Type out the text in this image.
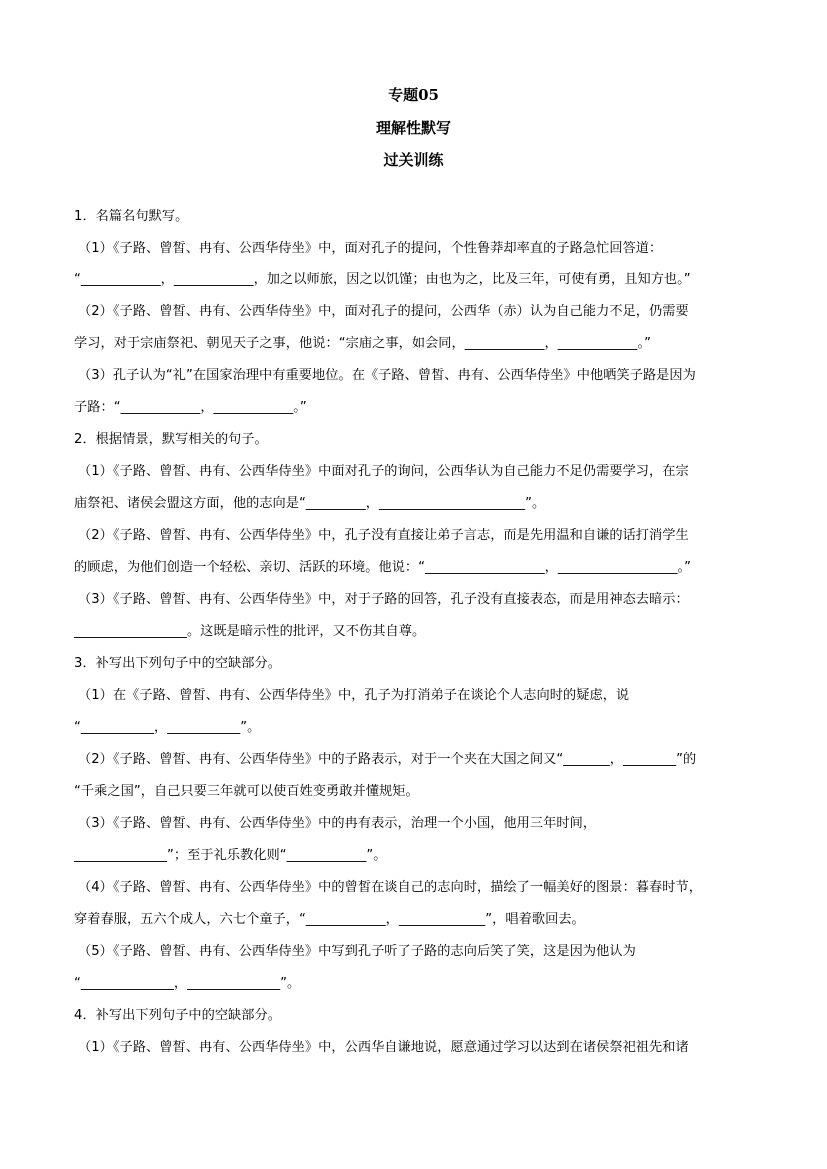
专题05
理解性默写
过关训练
1．名篇名句默写。
（1）《子路、曾皙、冉有、公西华侍坐》中，面对孔子的提问，个性鲁莽却率直的子路急忙回答道：
“____________，____________，加之以师旅，因之以饥馑；由也为之，比及三年，可使有勇，且知方也。”
（2）《子路、曾皙、冉有、公西华侍坐》中，面对孔子的提问，公西华（赤）认为自己能力不足，仍需要
学习，对于宗庙祭祀、朝见天子之事，他说：“宗庙之事，如会同，____________，____________。”
（3）孔子认为“礼”在国家治理中有重要地位。在《子路、曾皙、冉有、公西华侍坐》中他哂笑子路是因为
子路：“____________，____________。”
2．根据情景，默写相关的句子。
（1）《子路、曾皙、冉有、公西华侍坐》中面对孔子的询问，公西华认为自己能力不足仍需要学习，在宗
庙祭祀、诸侯会盟这方面，他的志向是“_________，______________________”。
（2）《子路、曾皙、冉有、公西华侍坐》中，孔子没有直接让弟子言志，而是先用温和自谦的话打消学生
的顾虑，为他们创造一个轻松、亲切、活跃的环境。他说：“__________________，__________________。”
（3）《子路、曾皙、冉有、公西华侍坐》中，对于子路的回答，孔子没有直接表态，而是用神态去暗示：
_________________。这既是暗示性的批评，又不伤其自尊。
3．补写出下列句子中的空缺部分。
（1）在《子路、曾皙、冉有、公西华侍坐》中，孔子为打消弟子在谈论个人志向时的疑虑，说
“___________，___________”。
（2）《子路、曾皙、冉有、公西华侍坐》中的子路表示，对于一个夹在大国之间又“_______，________”的
“千乘之国”，自己只要三年就可以使百姓变勇敢并懂规矩。
（3）《子路、曾皙、冉有、公西华侍坐》中的冉有表示，治理一个小国，他用三年时间，
______________”；至于礼乐教化则“____________”。
（4）《子路、曾皙、冉有、公西华侍坐》中的曾皙在谈自己的志向时，描绘了一幅美好的图景：暮春时节，
穿着春服，五六个成人，六七个童子，“____________，_____________”，唱着歌回去。
（5）《子路、曾皙、冉有、公西华侍坐》中写到孔子听了子路的志向后笑了笑，这是因为他认为
“______________，______________”。
4．补写出下列句子中的空缺部分。
（1）《子路、曾皙、冉有、公西华侍坐》中，公西华自谦地说，愿意通过学习以达到在诸侯祭祀祖先和诸
